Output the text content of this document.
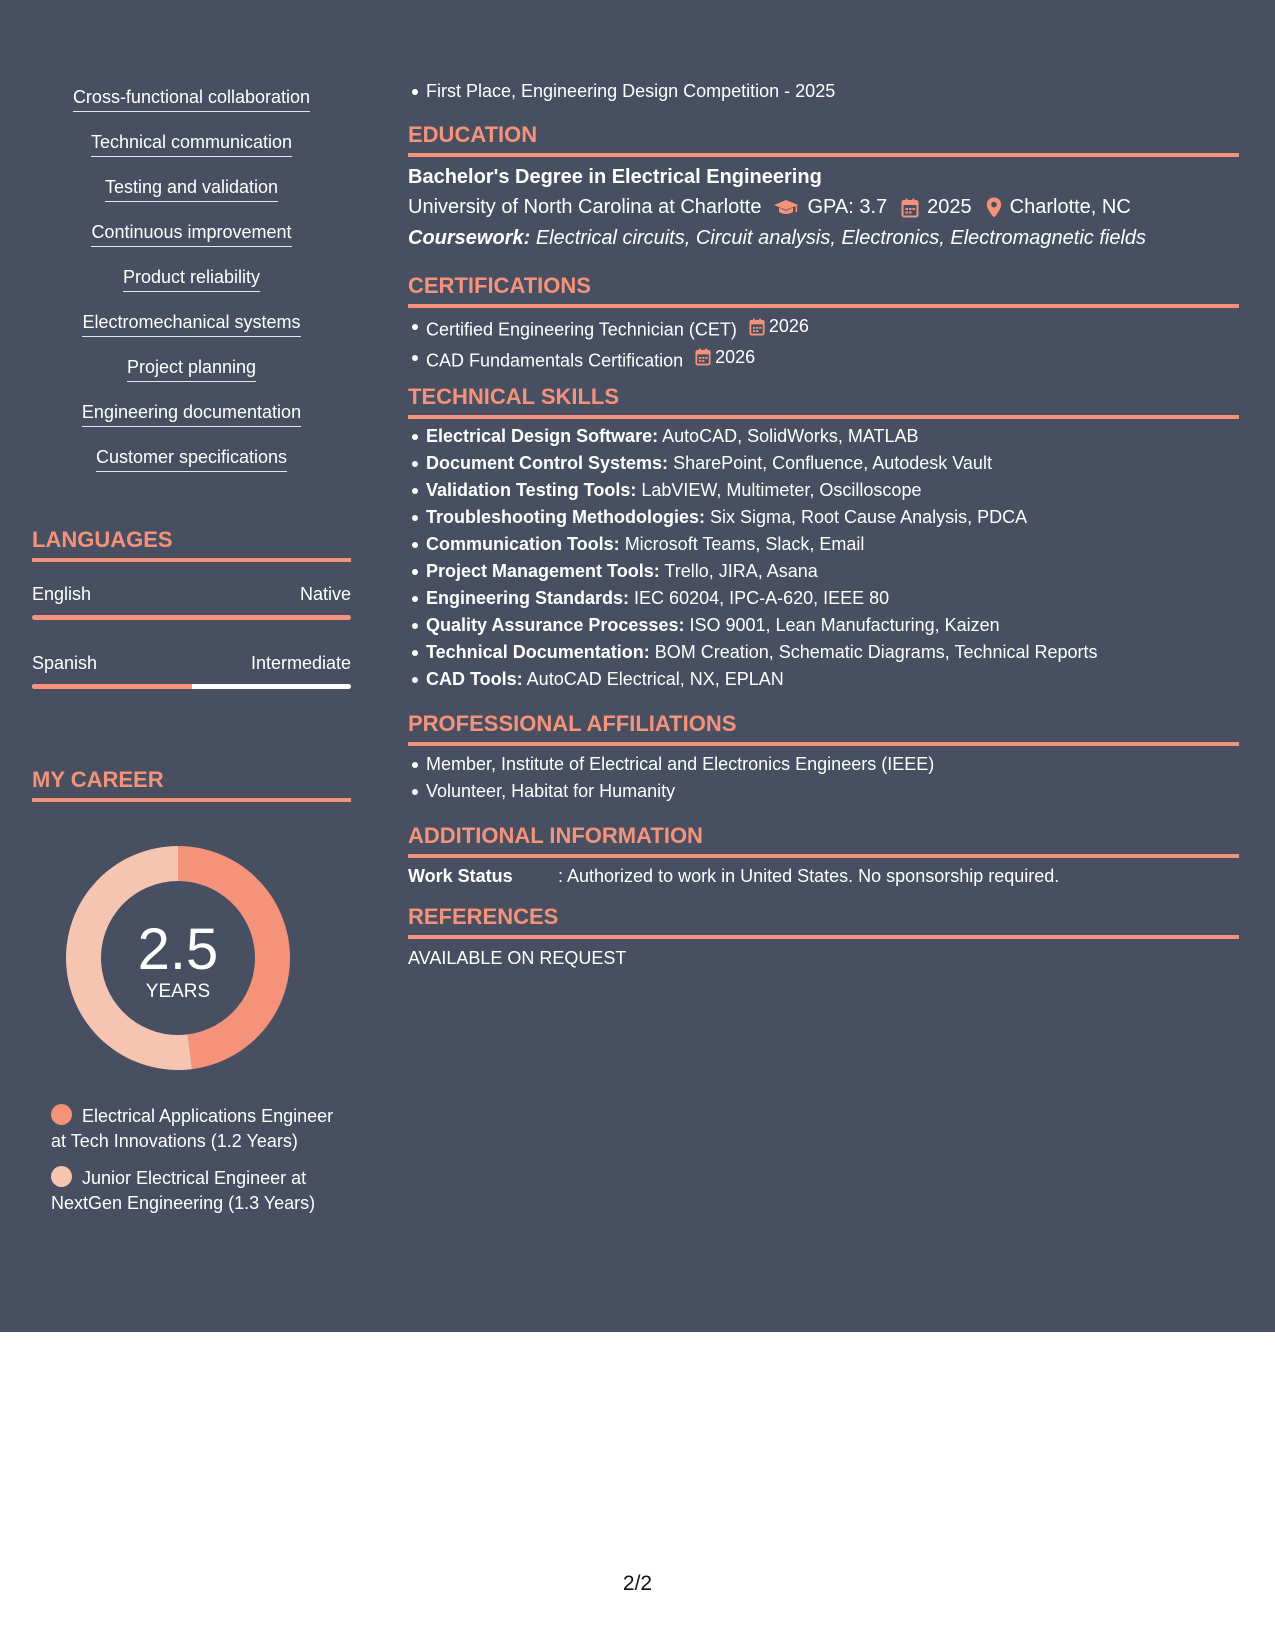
Cross-functional collaboration
Technical communication
Testing and validation
Continuous improvement
Product reliability
Electromechanical systems
Project planning
Engineering documentation
Customer specifications
LANGUAGES
English	Native
Spanish	Intermediate
MY CAREER
2.5
YEARS
Electrical Applications Engineer at Tech Innovations (1.2 Years)
Junior Electrical Engineer at NextGen Engineering (1.3 Years)
First Place, Engineering Design Competition - 2025
EDUCATION
Bachelor's Degree in Electrical Engineering
University of North Carolina at Charlotte GPA: 3.7 2025 Charlotte, NC
Coursework: Electrical circuits, Circuit analysis, Electronics, Electromagnetic fields
CERTIFICATIONS
Certified Engineering Technician (CET) 2026
CAD Fundamentals Certification 2026
TECHNICAL SKILLS
Electrical Design Software: AutoCAD, SolidWorks, MATLAB
Document Control Systems: SharePoint, Confluence, Autodesk Vault
Validation Testing Tools: LabVIEW, Multimeter, Oscilloscope
Troubleshooting Methodologies: Six Sigma, Root Cause Analysis, PDCA
Communication Tools: Microsoft Teams, Slack, Email
Project Management Tools: Trello, JIRA, Asana
Engineering Standards: IEC 60204, IPC-A-620, IEEE 80
Quality Assurance Processes: ISO 9001, Lean Manufacturing, Kaizen
Technical Documentation: BOM Creation, Schematic Diagrams, Technical Reports
CAD Tools: AutoCAD Electrical, NX, EPLAN
PROFESSIONAL AFFILIATIONS
Member, Institute of Electrical and Electronics Engineers (IEEE)
Volunteer, Habitat for Humanity
ADDITIONAL INFORMATION
Work Status	: Authorized to work in United States. No sponsorship required.
REFERENCES
AVAILABLE ON REQUEST
2/2
